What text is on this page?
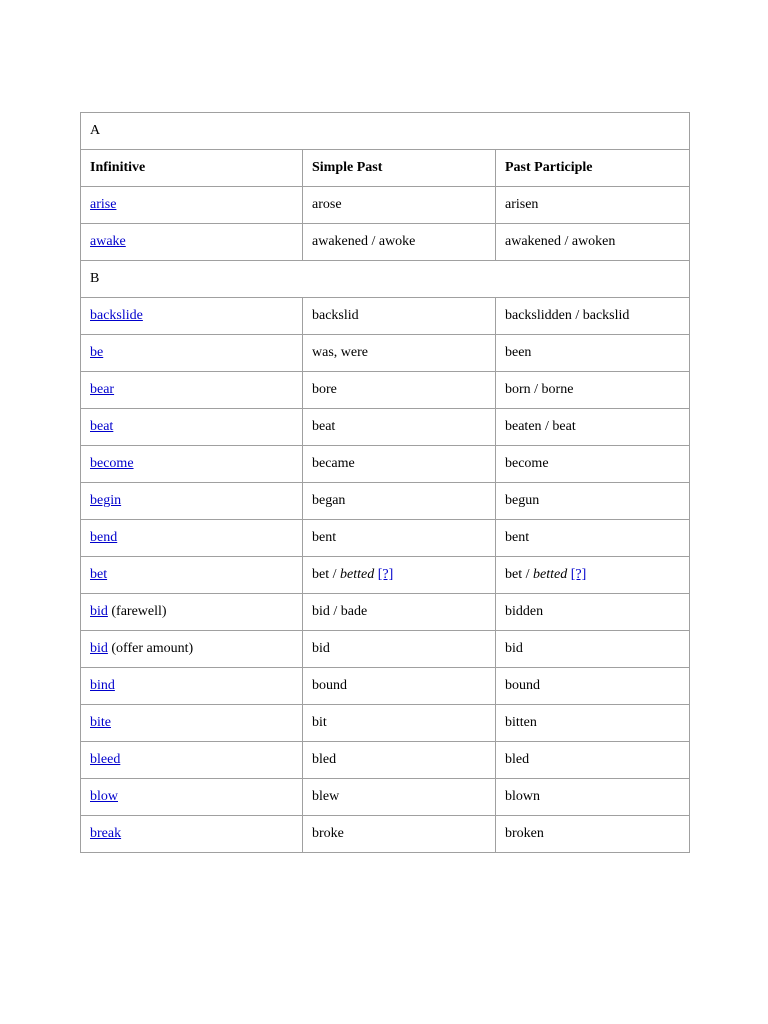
A		
Infinitive	Simple Past	Past Participle
arise	arose	arisen
awake	awakened / awoke	awakened / awoken
B		
backslide	backslid	backslidden / backslid
be	was, were	been
bear	bore	born / borne
beat	beat	beaten / beat
become	became	become
begin	began	begun
bend	bent	bent
bet	bet / betted [?]	bet / betted [?]
bid (farewell)	bid / bade	bidden
bid (offer amount)	bid	bid
bind	bound	bound
bite	bit	bitten
bleed	bled	bled
blow	blew	blown
break	broke	broken
